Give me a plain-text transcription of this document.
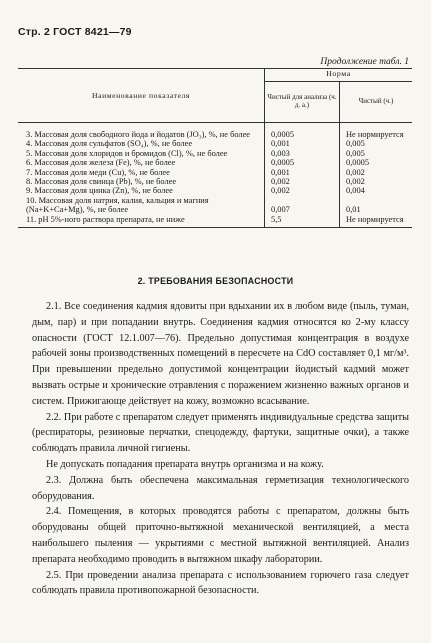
Стр. 2 ГОСТ 8421—79
Продолжение табл. 1
Наименование показателя	Норма	
	Чистый для анализа (ч. д. а.)	Чистый (ч.)

3. Массовая доля свободного йода и йодатов (JO₃), %, не более	0,0005	Не нормируется
4. Массовая доля сульфатов (SO₄), %, не более	0,001	0,005
5. Массовая доля хлоридов и бромидов (Cl), %, не более	0,003	0,005
6. Массовая доля железа (Fe), %, не более	0,0005	0,0005
7. Массовая доля меди (Cu), %, не более	0,001	0,002
8. Массовая доля свинца (Pb), %, не более	0,002	0,002
9. Массовая доля цинка (Zn), %, не более	0,002	0,004
10. Массовая доля натрия, калия, кальция и магния (Na+K+Ca+Mg), %, не более	0,007	0,01
11. pH 5%-ного раствора препарата, не ниже	5,5	Не нормируется
2. ТРЕБОВАНИЯ БЕЗОПАСНОСТИ

2.1. Все соединения кадмия ядовиты при вдыхании их в любом виде (пыль, туман, дым, пар) и при попадании внутрь. Соединения кадмия относятся ко 2-му классу опасности (ГОСТ 12.1.007—76). Предельно допустимая концентрация в воздухе рабочей зоны производственных помещений в пересчете на CdO составляет 0,1 мг/м³. При превышении предельно допустимой концентрации йодистый кадмий может вызвать острые и хронические отравления с поражением жизненно важных органов и систем. Прижигающе действует на кожу, возможно всасывание.

2.2. При работе с препаратом следует применять индивидуальные средства защиты (респираторы, резиновые перчатки, спецодежду, фартуки, защитные очки), а также соблюдать правила личной гигиены.

Не допускать попадания препарата внутрь организма и на кожу.

2.3. Должна быть обеспечена максимальная герметизация технологического оборудования.

2.4. Помещения, в которых проводятся работы с препаратом, должны быть оборудованы общей приточно-вытяжной механической вентиляцией, а места наибольшего пыления — укрытиями с местной вытяжной вентиляцией. Анализ препарата необходимо проводить в вытяжном шкафу лаборатории.

2.5. При проведении анализа препарата с использованием горючего газа следует соблюдать правила противопожарной безопасности.
